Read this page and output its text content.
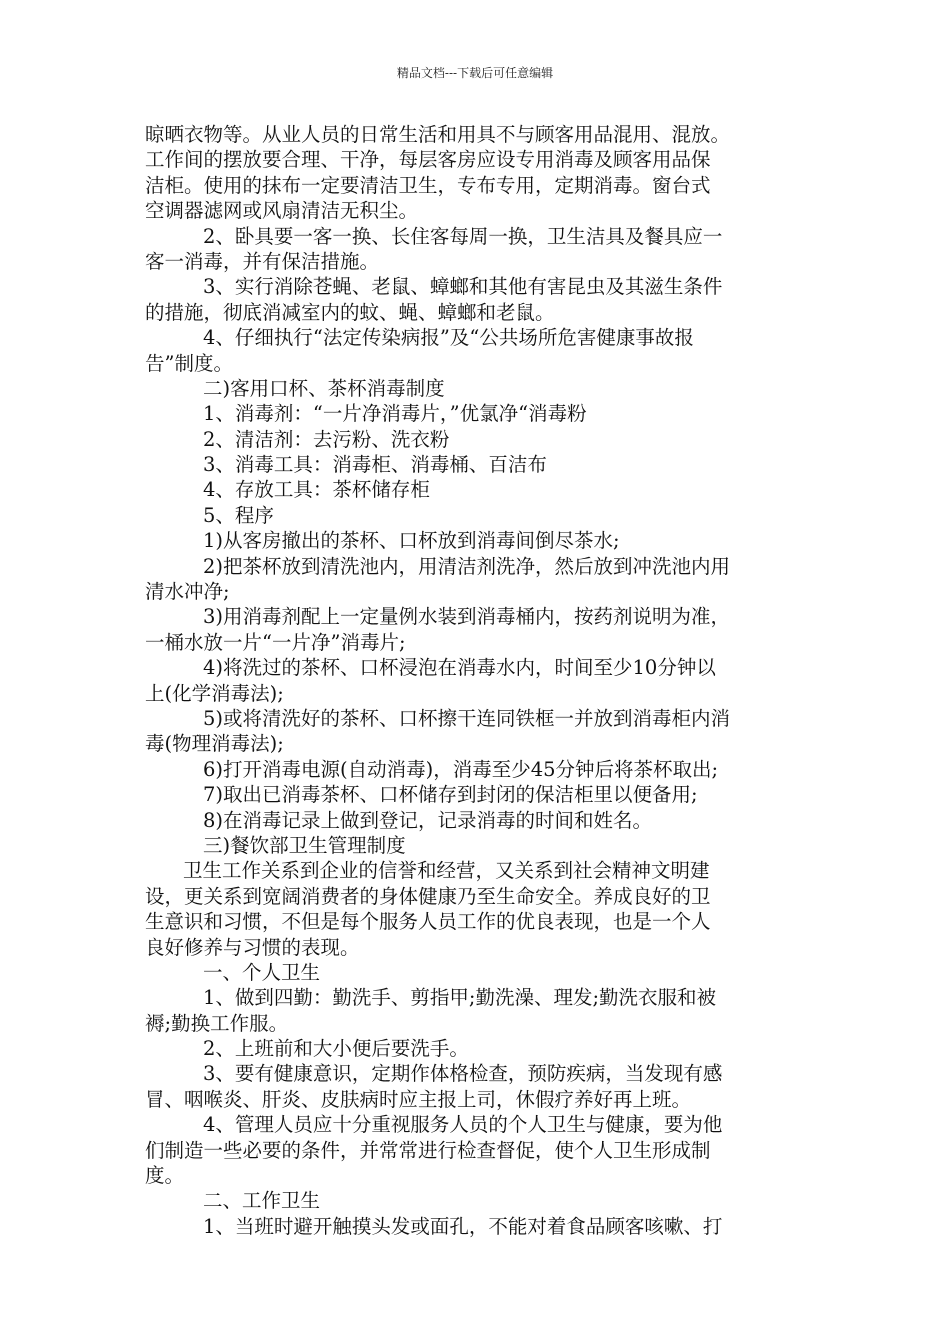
精品文档---下载后可任意编辑
晾晒衣物等。从业人员的日常生活和用具不与顾客用品混用、混放。
工作间的摆放要合理、干净，每层客房应设专用消毒及顾客用品保
洁柜。使用的抹布一定要清洁卫生，专布专用，定期消毒。窗台式
空调器滤网或风扇清洁无积尘。
2、卧具要一客一换、长住客每周一换，卫生洁具及餐具应一
客一消毒，并有保洁措施。
3、实行消除苍蝇、老鼠、蟑螂和其他有害昆虫及其滋生条件
的措施，彻底消减室内的蚊、蝇、蟑螂和老鼠。
4、仔细执行“法定传染病报”及“公共场所危害健康事故报
告”制度。
二)客用口杯、茶杯消毒制度
1、消毒剂：“一片净消毒片，”优氯净“消毒粉
2、清洁剂：去污粉、洗衣粉
3、消毒工具：消毒柜、消毒桶、百洁布
4、存放工具：茶杯储存柜
5、程序
1)从客房撤出的茶杯、口杯放到消毒间倒尽茶水;
2)把茶杯放到清洗池内，用清洁剂洗净，然后放到冲洗池内用
清水冲净;
3)用消毒剂配上一定量例水装到消毒桶内，按药剂说明为准，
一桶水放一片“一片净”消毒片;
4)将洗过的茶杯、口杯浸泡在消毒水内，时间至少10分钟以
上(化学消毒法);
5)或将清洗好的茶杯、口杯擦干连同铁框一并放到消毒柜内消
毒(物理消毒法);
6)打开消毒电源(自动消毒)，消毒至少45分钟后将茶杯取出;
7)取出已消毒茶杯、口杯储存到封闭的保洁柜里以便备用;
8)在消毒记录上做到登记，记录消毒的时间和姓名。
三)餐饮部卫生管理制度
卫生工作关系到企业的信誉和经营，又关系到社会精神文明建
设，更关系到宽阔消费者的身体健康乃至生命安全。养成良好的卫
生意识和习惯，不但是每个服务人员工作的优良表现，也是一个人
良好修养与习惯的表现。
一、个人卫生
1、做到四勤：勤洗手、剪指甲;勤洗澡、理发;勤洗衣服和被
褥;勤换工作服。
2、上班前和大小便后要洗手。
3、要有健康意识，定期作体格检查，预防疾病，当发现有感
冒、咽喉炎、肝炎、皮肤病时应主报上司，休假疗养好再上班。
4、管理人员应十分重视服务人员的个人卫生与健康，要为他
们制造一些必要的条件，并常常进行检查督促，使个人卫生形成制
度。
二、工作卫生
1、当班时避开触摸头发或面孔，不能对着食品顾客咳嗽、打
